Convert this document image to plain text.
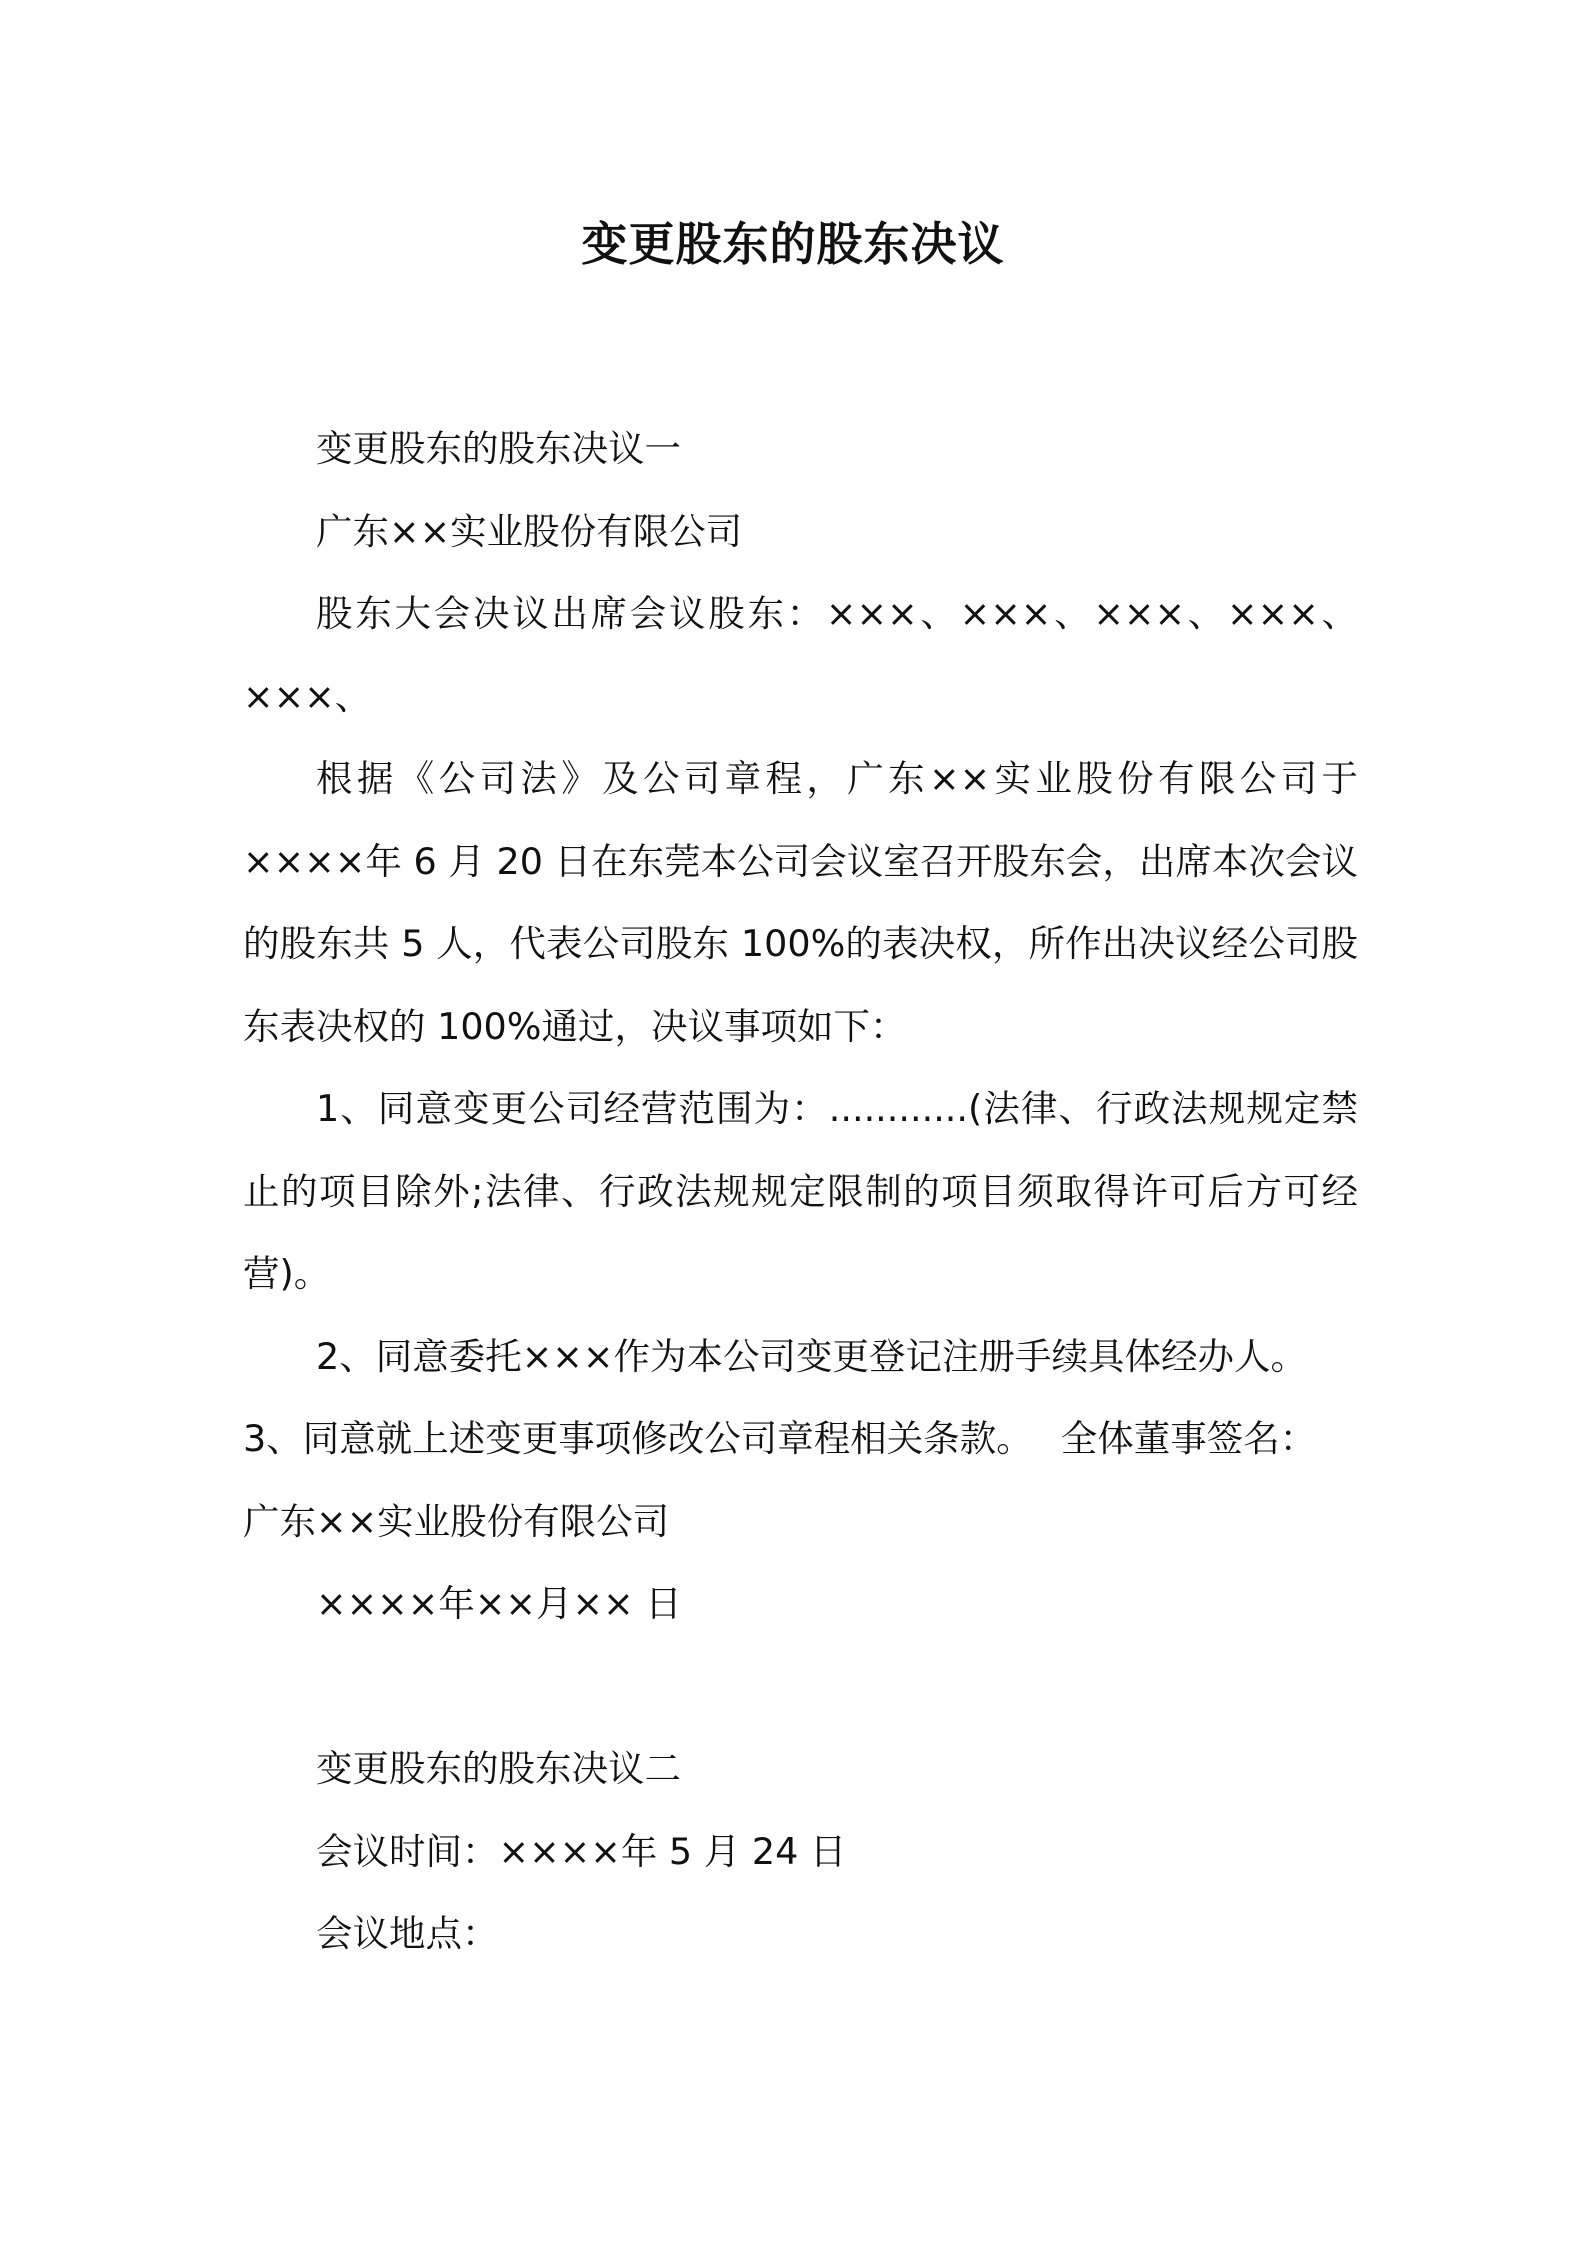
变更股东的股东决议

变更股东的股东决议一

广东××实业股份有限公司

股东大会决议出席会议股东：×××、×××、×××、×××、×××、

根据《公司法》及公司章程，广东××实业股份有限公司于××××年 6 月 20 日在东莞本公司会议室召开股东会，出席本次会议的股东共 5 人，代表公司股东 100%的表决权，所作出决议经公司股东表决权的 100%通过，决议事项如下：

1、同意变更公司经营范围为：............(法律、行政法规规定禁止的项目除外;法律、行政法规规定限制的项目须取得许可后方可经营)。

2、同意委托×××作为本公司变更登记注册手续具体经办人。

3、同意就上述变更事项修改公司章程相关条款。 全体董事签名：

广东××实业股份有限公司

××××年××月×× 日

变更股东的股东决议二

会议时间：××××年 5 月 24 日

会议地点：
